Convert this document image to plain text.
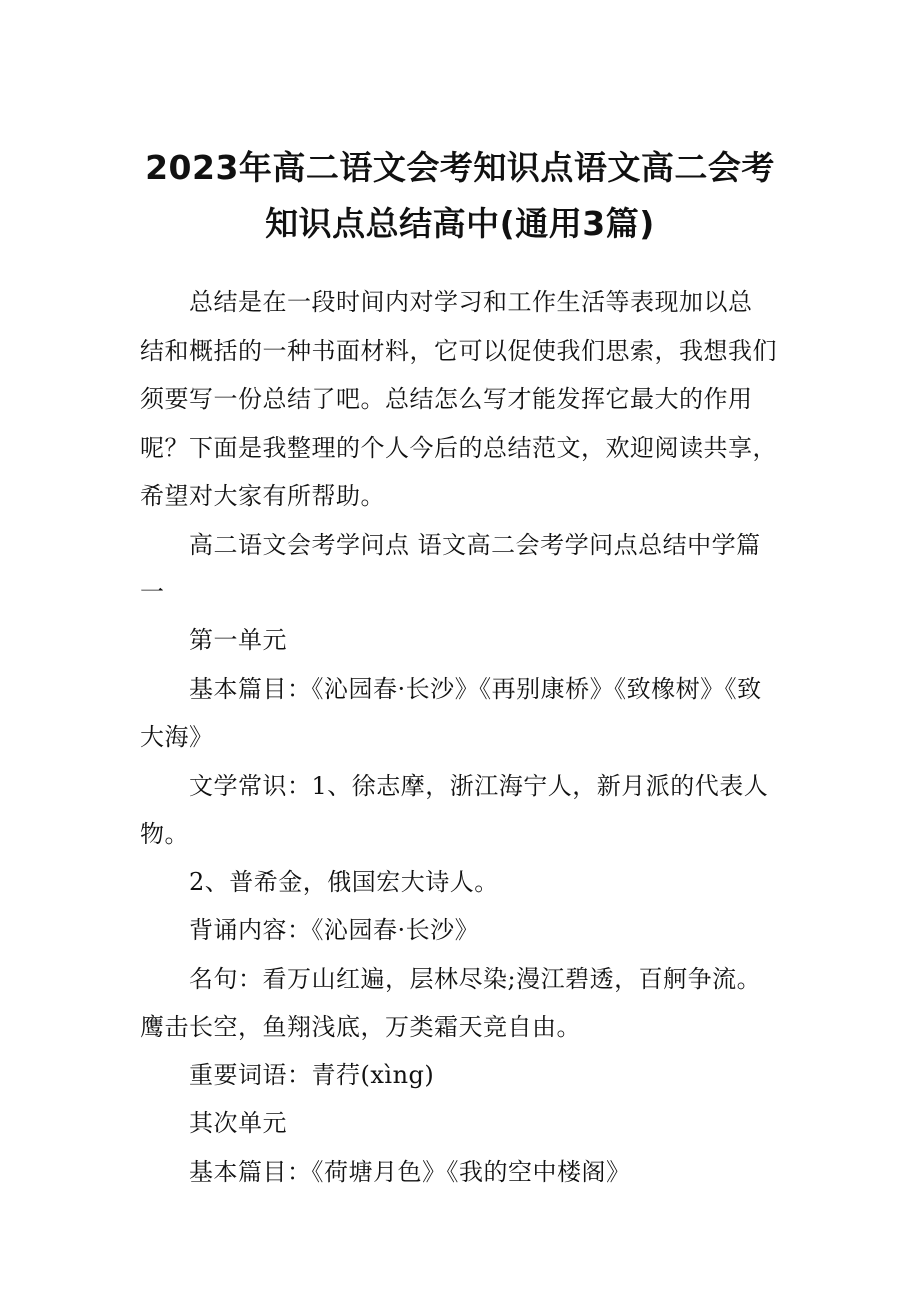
2023年高二语文会考知识点语文高二会考
知识点总结高中(通用3篇)
总结是在一段时间内对学习和工作生活等表现加以总
结和概括的一种书面材料，它可以促使我们思索，我想我们
须要写一份总结了吧。总结怎么写才能发挥它最大的作用
呢？下面是我整理的个人今后的总结范文，欢迎阅读共享，
希望对大家有所帮助。
高二语文会考学问点 语文高二会考学问点总结中学篇
一
第一单元
基本篇目：《沁园春·长沙》《再别康桥》《致橡树》《致
大海》
文学常识：1、徐志摩，浙江海宁人，新月派的代表人
物。
2、普希金，俄国宏大诗人。
背诵内容：《沁园春·长沙》
名句：看万山红遍，层林尽染;漫江碧透，百舸争流。
鹰击长空，鱼翔浅底，万类霜天竞自由。
重要词语：青荇(xìng)
其次单元
基本篇目：《荷塘月色》《我的空中楼阁》
